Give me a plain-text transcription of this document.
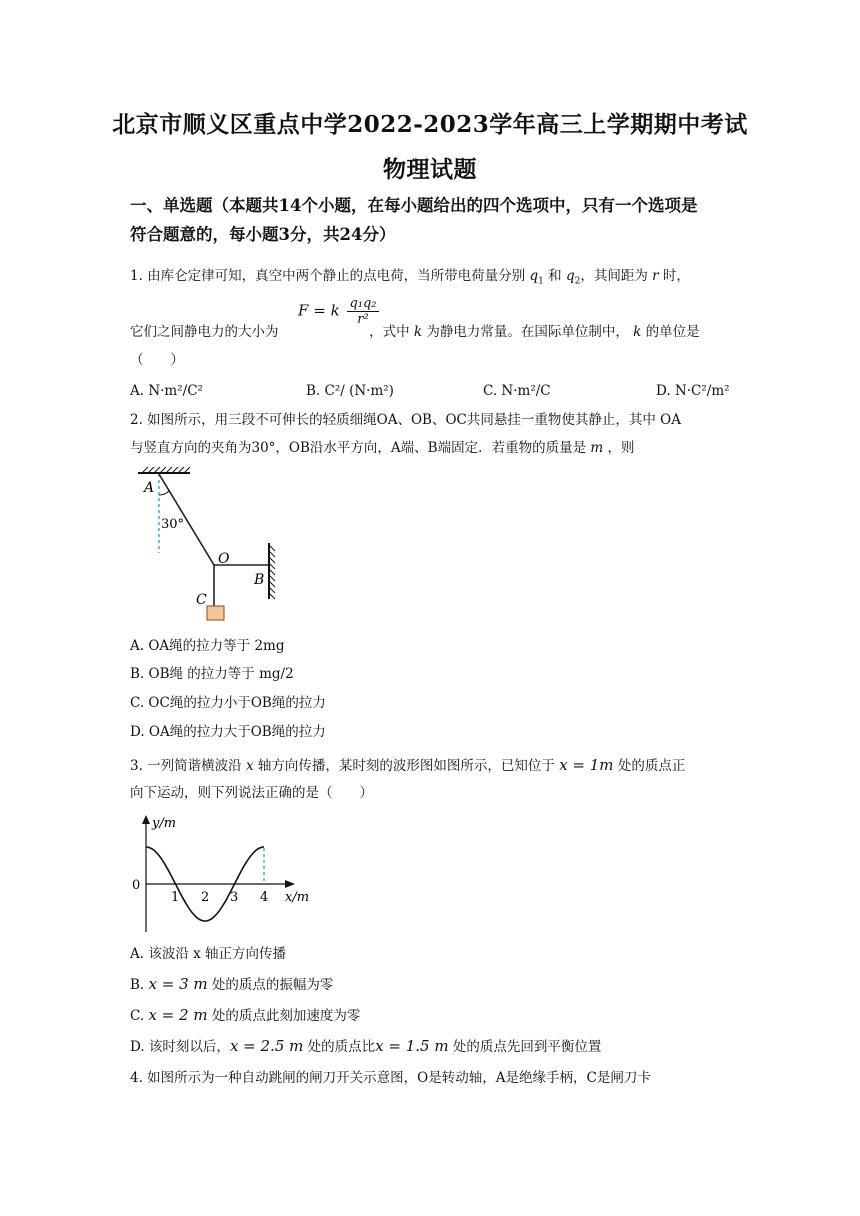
北京市顺义区重点中学2022-2023学年高三上学期期中考试
物理试题
一、单选题（本题共14个小题，在每小题给出的四个选项中，只有一个选项是
符合题意的，每小题3分，共24分）
1. 由库仑定律可知，真空中两个静止的点电荷，当所带电荷量分别 $q_1$ 和 $q_2$，其间距为 r 时，
F = k $\frac{\text{q₁q₂}}{\text{r²}}$
它们之间静电力的大小为	，式中 k 为静电力常量。在国际单位制中， k 的单位是
（　　）
A. N·m²/C²	B. C²/ (N·m²)	C. N·m²/C	D. N·C²/m²
2. 如图所示，用三段不可伸长的轻质细绳OA、OB、OC共同悬挂一重物使其静止，其中 OA
与竖直方向的夹角为30°，OB沿水平方向，A端、B端固定．若重物的质量是 m ，则
A
30°
O
B
C
A. OA绳的拉力等于 2mg
B. OB绳 的拉力等于 mg/2
C. OC绳的拉力小于OB绳的拉力
D. OA绳的拉力大于OB绳的拉力
3. 一列简谐横波沿 x 轴方向传播，某时刻的波形图如图所示，已知位于 x = 1m 处的质点正
向下运动，则下列说法正确的是（　　）
y/m
x/m
0
1 2 3 4
A. 该波沿 x 轴正方向传播
B. x = 3 m 处的质点的振幅为零
C. x = 2 m 处的质点此刻加速度为零
D. 该时刻以后，x = 2.5 m 处的质点比x = 1.5 m 处的质点先回到平衡位置
4. 如图所示为一种自动跳闸的闸刀开关示意图，O是转动轴，A是绝缘手柄，C是闸刀卡
